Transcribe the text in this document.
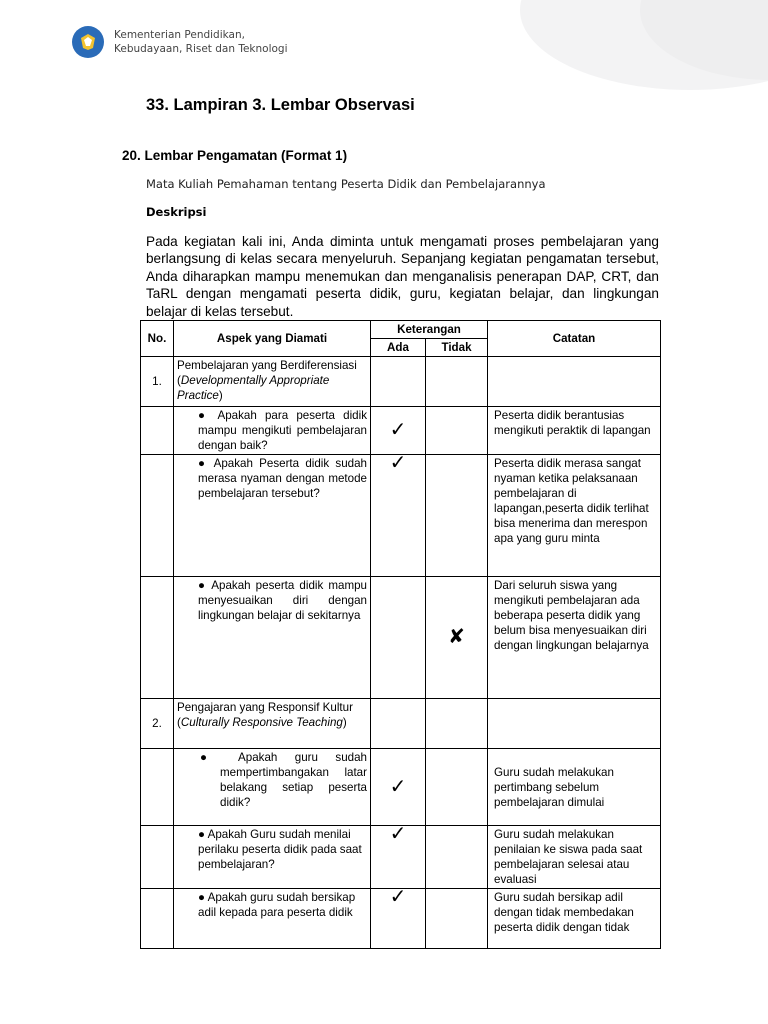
Kementerian Pendidikan,
Kebudayaan, Riset dan Teknologi
33. Lampiran 3. Lembar Observasi
20. Lembar Pengamatan (Format 1)
Mata Kuliah Pemahaman tentang Peserta Didik dan Pembelajarannya
Deskripsi
Pada kegiatan kali ini, Anda diminta untuk mengamati proses pembelajaran yang berlangsung di kelas secara menyeluruh. Sepanjang kegiatan pengamatan tersebut, Anda diharapkan mampu menemukan dan menganalisis penerapan DAP, CRT, dan TaRL dengan mengamati peserta didik, guru, kegiatan belajar, dan lingkungan belajar di kelas tersebut.
No.	Aspek yang Diamati	Keterangan		Catatan
		Ada	Tidak	
1.	Pembelajaran yang Berdiferensiasi (Developmentally Appropriate Practice)			
	● Apakah para peserta didik mampu mengikuti pembelajaran dengan baik?	✓		Peserta didik berantusias mengikuti peraktik di lapangan
	● Apakah Peserta didik sudah merasa nyaman dengan metode pembelajaran tersebut?	✓		Peserta didik merasa sangat nyaman ketika pelaksanaan pembelajaran di lapangan,peserta didik terlihat bisa menerima dan merespon apa yang guru minta
	● Apakah peserta didik mampu menyesuaikan diri dengan lingkungan belajar di sekitarnya		✘	Dari seluruh siswa yang mengikuti pembelajaran ada beberapa peserta didik yang belum bisa menyesuaikan diri dengan lingkungan belajarnya
2.	Pengajaran yang Responsif Kultur (Culturally Responsive Teaching)			
	● Apakah guru sudah mempertimbangakan latar belakang setiap peserta didik?	✓		Guru sudah melakukan pertimbang sebelum pembelajaran dimulai
	● Apakah Guru sudah menilai perilaku peserta didik pada saat pembelajaran?	✓		Guru sudah melakukan penilaian ke siswa pada saat pembelajaran selesai atau evaluasi
	● Apakah guru sudah bersikap adil kepada para peserta didik	✓		Guru sudah bersikap adil dengan tidak membedakan peserta didik dengan tidak
